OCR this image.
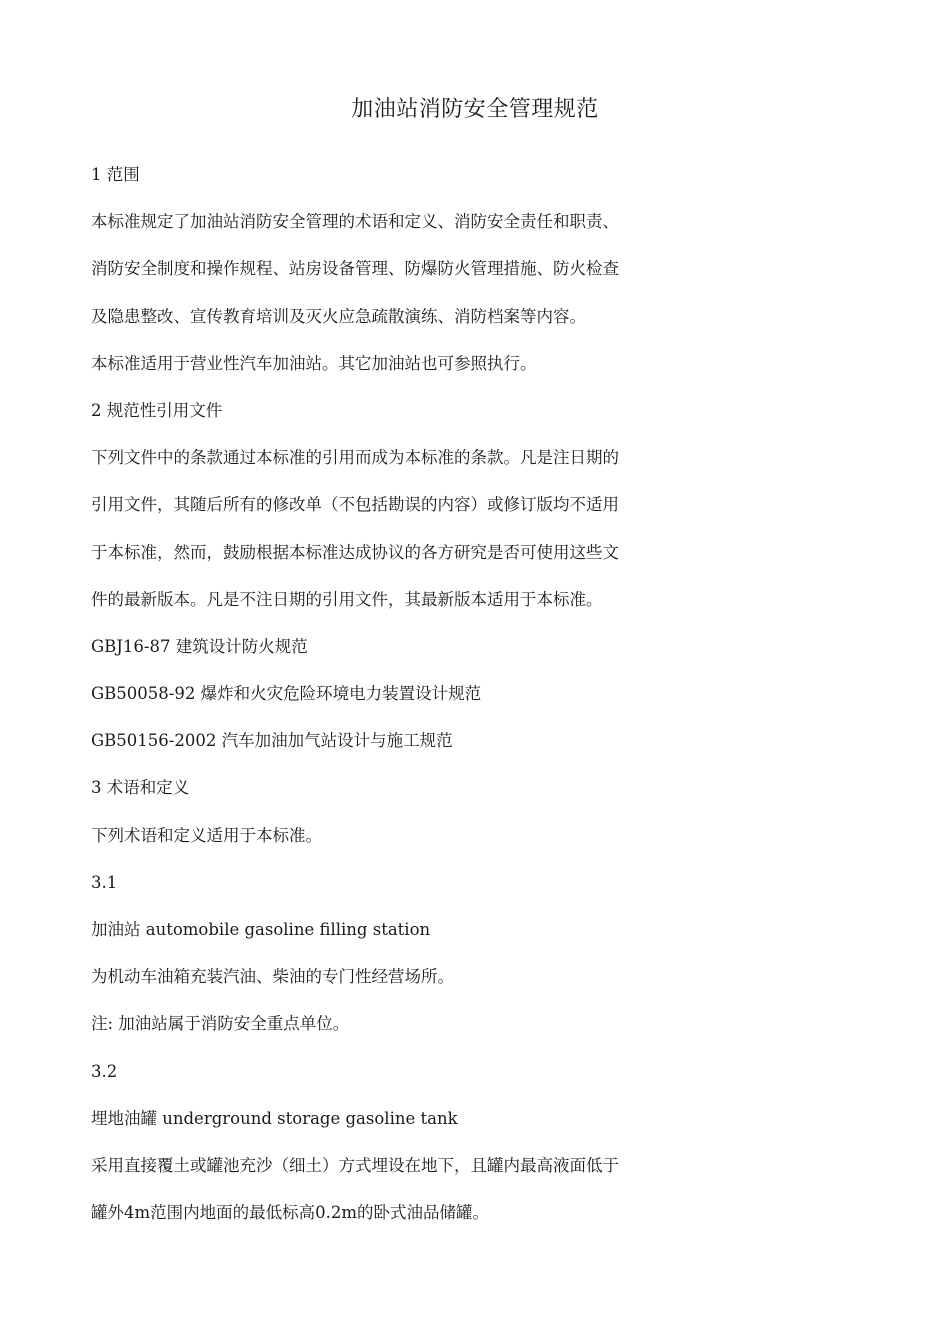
加油站消防安全管理规范
1 范围
本标准规定了加油站消防安全管理的术语和定义、消防安全责任和职责、
消防安全制度和操作规程、站房设备管理、防爆防火管理措施、防火检查
及隐患整改、宣传教育培训及灭火应急疏散演练、消防档案等内容。
本标准适用于营业性汽车加油站。其它加油站也可参照执行。
2 规范性引用文件
下列文件中的条款通过本标准的引用而成为本标准的条款。凡是注日期的
引用文件，其随后所有的修改单（不包括勘误的内容）或修订版均不适用
于本标准，然而，鼓励根据本标准达成协议的各方研究是否可使用这些文
件的最新版本。凡是不注日期的引用文件，其最新版本适用于本标准。
GBJ16-87 建筑设计防火规范
GB50058-92 爆炸和火灾危险环境电力装置设计规范
GB50156-2002 汽车加油加气站设计与施工规范
3 术语和定义
下列术语和定义适用于本标准。
3.1
加油站 automobile gasoline filling station
为机动车油箱充装汽油、柴油的专门性经营场所。
注: 加油站属于消防安全重点单位。
3.2
埋地油罐 underground storage gasoline tank
采用直接覆土或罐池充沙（细土）方式埋设在地下，且罐内最高液面低于
罐外4m范围内地面的最低标高0.2m的卧式油品储罐。
